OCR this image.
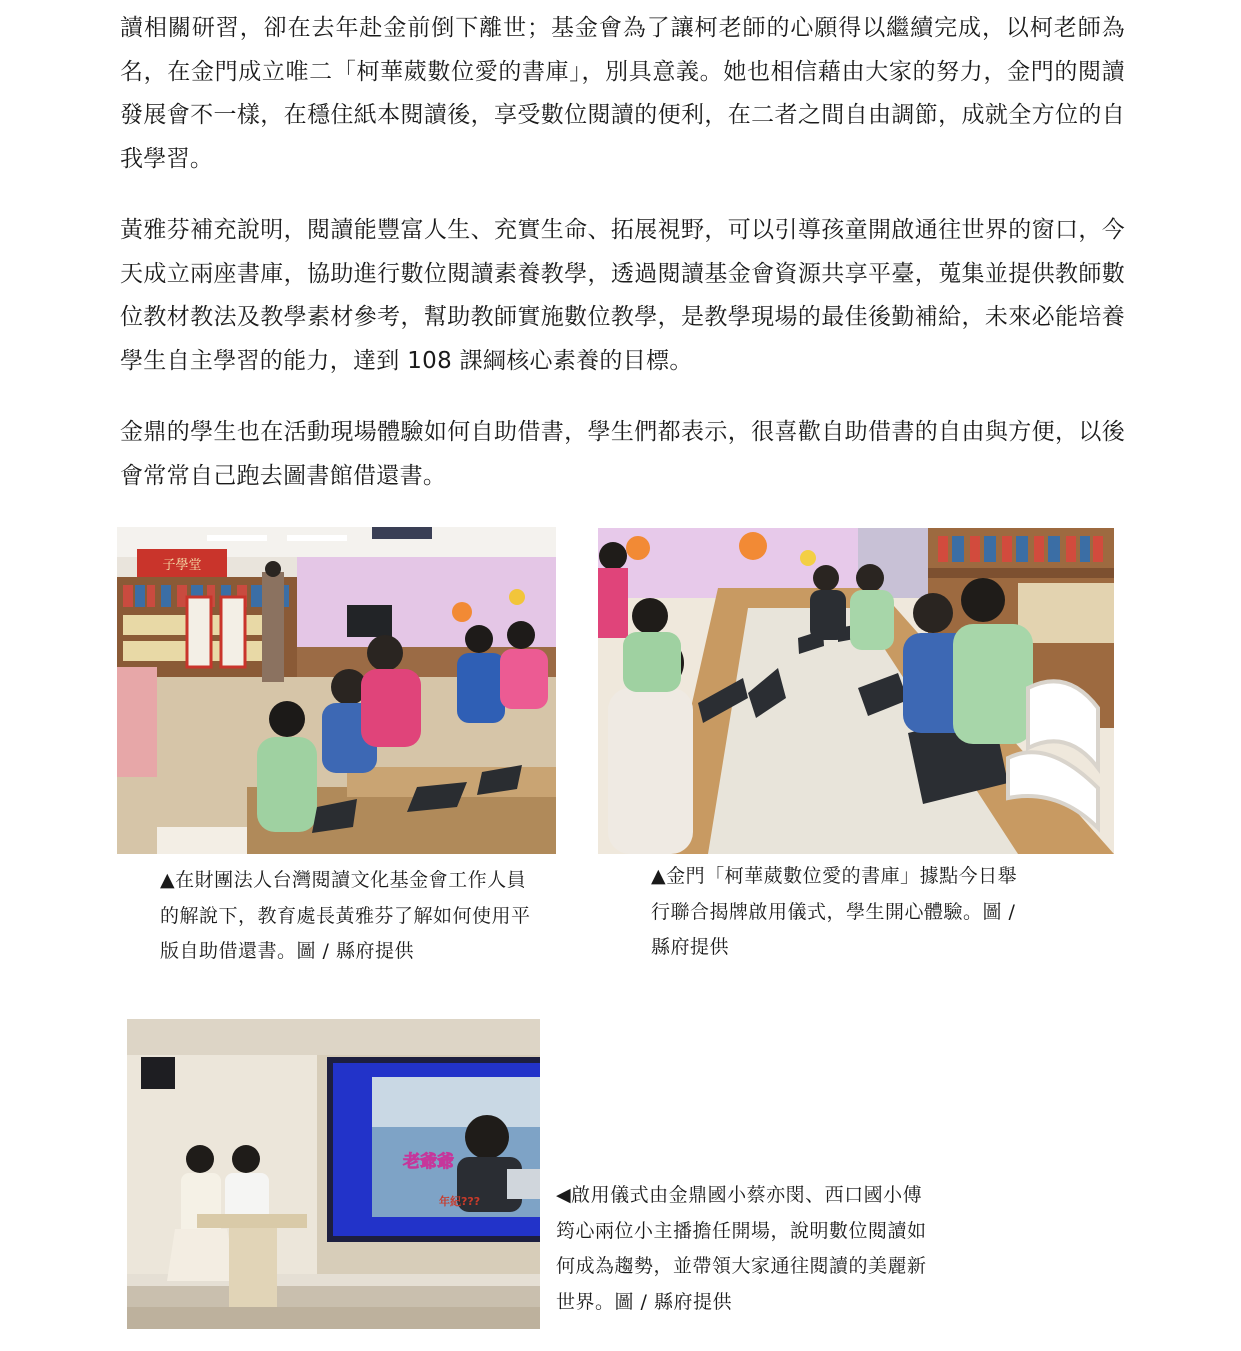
讀相關研習，卻在去年赴金前倒下離世；基金會為了讓柯老師的心願得以繼續完成，以柯老師為名，在金門成立唯二「柯華葳數位愛的書庫」，別具意義。她也相信藉由大家的努力，金門的閱讀發展會不一樣，在穩住紙本閱讀後，享受數位閱讀的便利，在二者之間自由調節，成就全方位的自我學習。

黃雅芬補充說明，閱讀能豐富人生、充實生命、拓展視野，可以引導孩童開啟通往世界的窗口，今天成立兩座書庫，協助進行數位閱讀素養教學，透過閱讀基金會資源共享平臺，蒐集並提供教師數位教材教法及教學素材參考，幫助教師實施數位教學，是教學現場的最佳後勤補給，未來必能培養學生自主學習的能力，達到 108 課綱核心素養的目標。

金鼎的學生也在活動現場體驗如何自助借書，學生們都表示，很喜歡自助借書的自由與方便，以後會常常自己跑去圖書館借還書。

子學堂

▲在財團法人台灣閱讀文化基金會工作人員的解說下，教育處長黃雅芬了解如何使用平版自助借還書。圖 / 縣府提供

▲金門「柯華葳數位愛的書庫」據點今日舉行聯合揭牌啟用儀式，學生開心體驗。圖 / 縣府提供

老爺爺
年紀???	◀啟用儀式由金鼎國小蔡亦閔、西口國小傅筠心兩位小主播擔任開場，說明數位閱讀如何成為趨勢，並帶領大家通往閱讀的美麗新世界。圖 / 縣府提供
